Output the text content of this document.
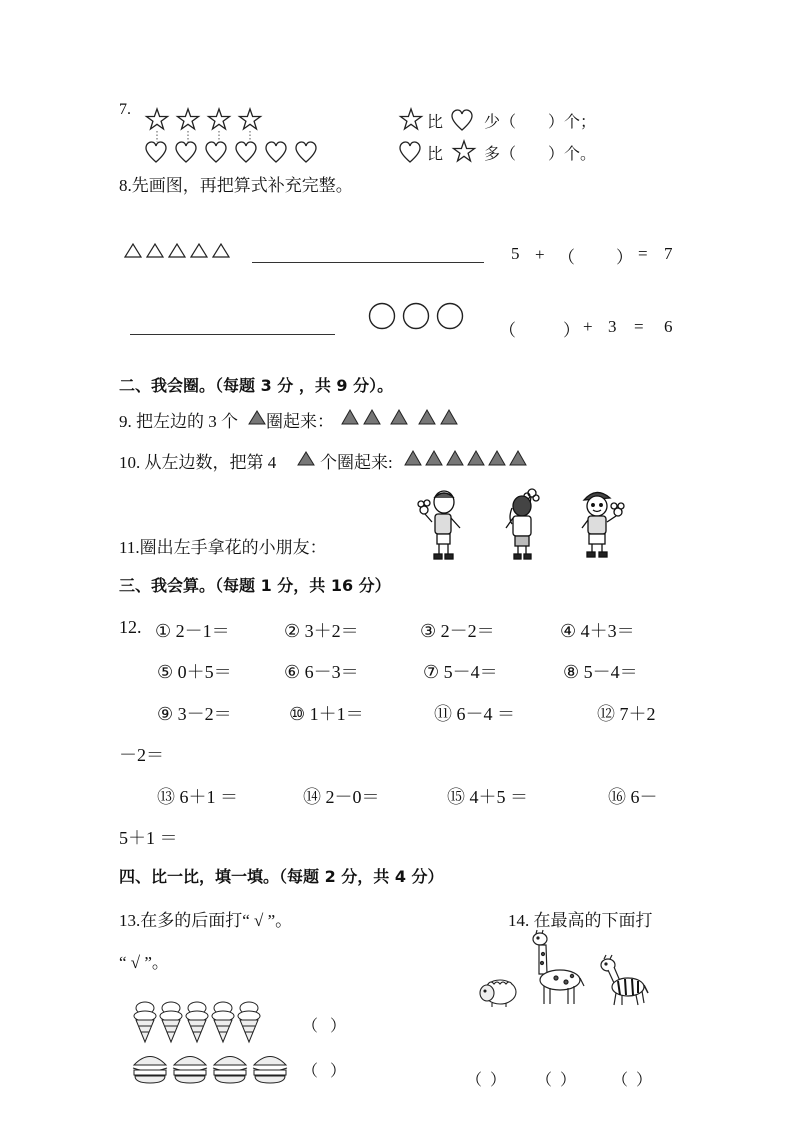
7.
比	少（ ）个；
比	多（ ）个。
8.先画图，再把算式补充完整。
5 + （ ） = 7
（	） + 3 = 6
二、我会圈。（每题 3 分 ，共 9 分）。
9. 把左边的 3 个 圈起来：
10. 从左边数，把第 4	个圈起来:
11.圈出左手拿花的小朋友：
三、我会算。（每题 1 分，共 16 分）
12. ① 2－1＝	② 3＋2＝	③ 2－2＝	④ 4＋3＝
⑤ 0＋5＝	⑥ 6－3＝	⑦ 5－4＝	⑧ 5－4＝
⑨ 3－2＝	⑩ 1＋1＝	⑪ 6－4 ＝	⑫ 7＋2
－2＝
⑬ 6＋1 ＝	⑭ 2－0＝	⑮ 4＋5 ＝	⑯ 6－
5＋1 ＝
四、比一比，填一填。（每题 2 分，共 4 分）
13.在多的后面打“ √ ”。	14. 在最高的下面打
“ √ ”。
（ ）
（ ）
（ ） （ ） （ ）
